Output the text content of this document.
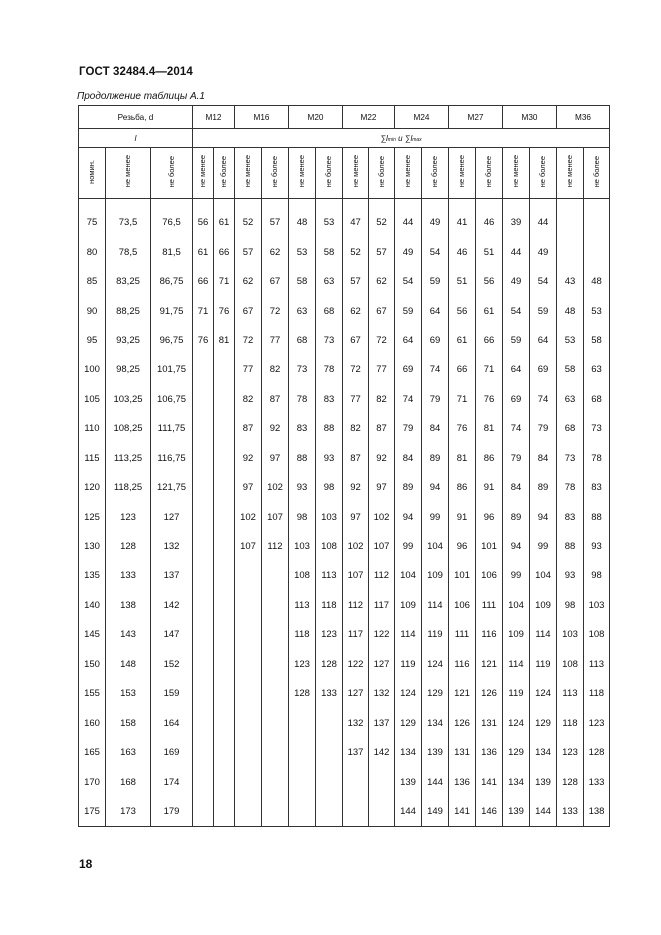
ГОСТ 32484.4—2014
Продолжение таблицы А.1
Резьба, d			M12		M16		M20		M22		M24		M27		M30		M36	
l			∑lmin и ∑lmax															
номин.	не менее	не более	не менее	не более	не менее	не более	не менее	не более	не менее	не более	не менее	не более	не менее	не более	не менее	не более	не менее	не более

75	73,5	76,5	56	61	52	57	48	53	47	52	44	49	41	46	39	44		
80	78,5	81,5	61	66	57	62	53	58	52	57	49	54	46	51	44	49		
85	83,25	86,75	66	71	62	67	58	63	57	62	54	59	51	56	49	54	43	48
90	88,25	91,75	71	76	67	72	63	68	62	67	59	64	56	61	54	59	48	53
95	93,25	96,75	76	81	72	77	68	73	67	72	64	69	61	66	59	64	53	58
100	98,25	101,75			77	82	73	78	72	77	69	74	66	71	64	69	58	63
105	103,25	106,75			82	87	78	83	77	82	74	79	71	76	69	74	63	68
110	108,25	111,75			87	92	83	88	82	87	79	84	76	81	74	79	68	73
115	113,25	116,75			92	97	88	93	87	92	84	89	81	86	79	84	73	78
120	118,25	121,75			97	102	93	98	92	97	89	94	86	91	84	89	78	83
125	123	127			102	107	98	103	97	102	94	99	91	96	89	94	83	88
130	128	132			107	112	103	108	102	107	99	104	96	101	94	99	88	93
135	133	137					108	113	107	112	104	109	101	106	99	104	93	98
140	138	142					113	118	112	117	109	114	106	111	104	109	98	103
145	143	147					118	123	117	122	114	119	111	116	109	114	103	108
150	148	152					123	128	122	127	119	124	116	121	114	119	108	113
155	153	159					128	133	127	132	124	129	121	126	119	124	113	118
160	158	164							132	137	129	134	126	131	124	129	118	123
165	163	169							137	142	134	139	131	136	129	134	123	128
170	168	174									139	144	136	141	134	139	128	133
175	173	179									144	149	141	146	139	144	133	138
18
